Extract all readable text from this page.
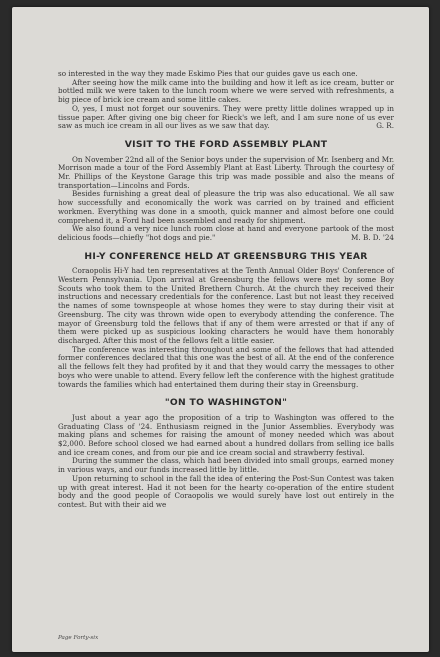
so interested in the way they made Eskimo Pies that our guides gave us each one.

After seeing how the milk came into the building and how it left as ice cream, butter or bottled milk we were taken to the lunch room where we were served with refreshments, a big piece of brick ice cream and some little cakes.

O, yes, I must not forget our souvenirs. They were pretty little dolines wrapped up in tissue paper. After giving one big cheer for Rieck's we left, and I am sure none of us ever saw as much ice cream in all our lives as we saw that day.	G. R.

VISIT TO THE FORD ASSEMBLY PLANT

On November 22nd all of the Senior boys under the supervision of Mr. Isenberg and Mr. Morrison made a tour of the Ford Assembly Plant at East Liberty. Through the courtesy of Mr. Phillips of the Keystone Garage this trip was made possible and also the means of transportation—Lincolns and Fords.

Besides furnishing a great deal of pleasure the trip was also educational. We all saw how successfully and economically the work was carried on by trained and efficient workmen. Everything was done in a smooth, quick manner and almost before one could comprehend it, a Ford had been assembled and ready for shipment.

We also found a very nice lunch room close at hand and everyone partook of the most delicious foods—chiefly "hot dogs and pie."	M. B. D. '24

HI-Y CONFERENCE HELD AT GREENSBURG THIS YEAR

Coraopolis Hi-Y had ten representatives at the Tenth Annual Older Boys' Conference of Western Pennsylvania. Upon arrival at Greensburg the fellows were met by some Boy Scouts who took them to the United Brethern Church. At the church they received their instructions and necessary credentials for the conference. Last but not least they received the names of some townspeople at whose homes they were to stay during their visit at Greensburg. The city was thrown wide open to everybody attending the conference. The mayor of Greensburg told the fellows that if any of them were arrested or that if any of them were picked up as suspicious looking characters he would have them honorably discharged. After this most of the fellows felt a little easier.

The conference was interesting throughout and some of the fellows that had attended former conferences declared that this one was the best of all. At the end of the conference all the fellows felt they had profited by it and that they would carry the messages to other boys who were unable to attend. Every fellow left the conference with the highest gratitude towards the families which had entertained them during their stay in Greensburg.

"ON TO WASHINGTON"

Just about a year ago the proposition of a trip to Washington was offered to the Graduating Class of '24. Enthusiasm reigned in the Junior Assemblies. Everybody was making plans and schemes for raising the amount of money needed which was about $2,000. Before school closed we had earned about a hundred dollars from selling ice balls and ice cream cones, and from our pie and ice cream social and strawberry festival.

During the summer the class, which had been divided into small groups, earned money in various ways, and our funds increased little by little.

Upon returning to school in the fall the idea of entering the Post-Sun Contest was taken up with great interest. Had it not been for the hearty co-operation of the entire student body and the good people of Coraopolis we would surely have lost out entirely in the contest. But with their aid we

Page Forty-six
